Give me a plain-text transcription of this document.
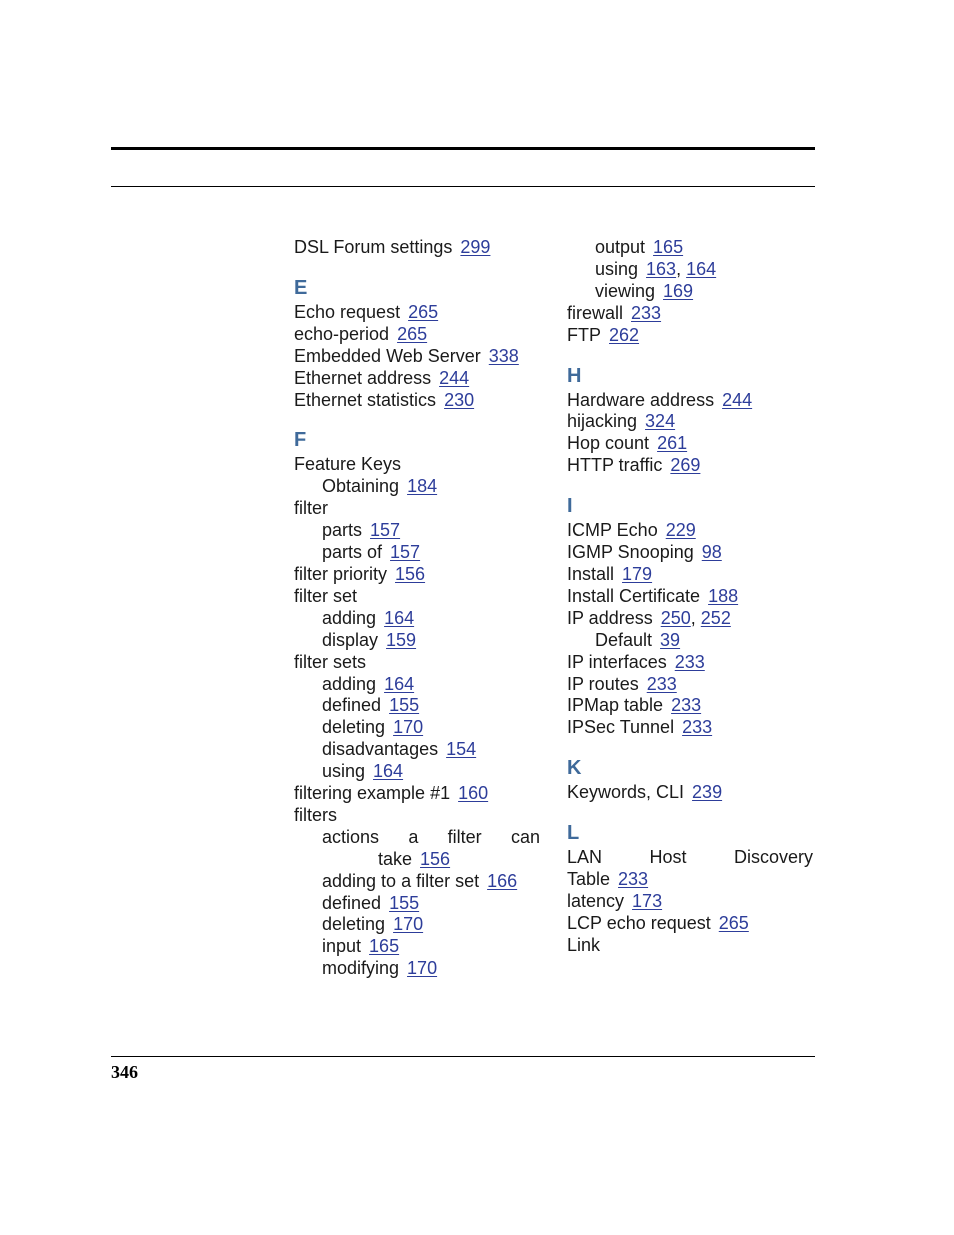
DSL Forum settings 299
E
Echo request 265
echo-period 265
Embedded Web Server 338
Ethernet address 244
Ethernet statistics 230
F
Feature Keys
Obtaining 184
filter
parts 157
parts of 157
filter priority 156
filter set
adding 164
display 159
filter sets
adding 164
defined 155
deleting 170
disadvantages 154
using 164
filtering example #1 160
filters
actions a filter can
take 156
adding to a filter set 166
defined 155
deleting 170
input 165
modifying 170
output 165
using 163, 164
viewing 169
firewall 233
FTP 262
H
Hardware address 244
hijacking 324
Hop count 261
HTTP traffic 269
I
ICMP Echo 229
IGMP Snooping 98
Install 179
Install Certificate 188
IP address 250, 252
Default 39
IP interfaces 233
IP routes 233
IPMap table 233
IPSec Tunnel 233
K
Keywords, CLI 239
L
LAN Host Discovery
Table 233
latency 173
LCP echo request 265
Link
346
